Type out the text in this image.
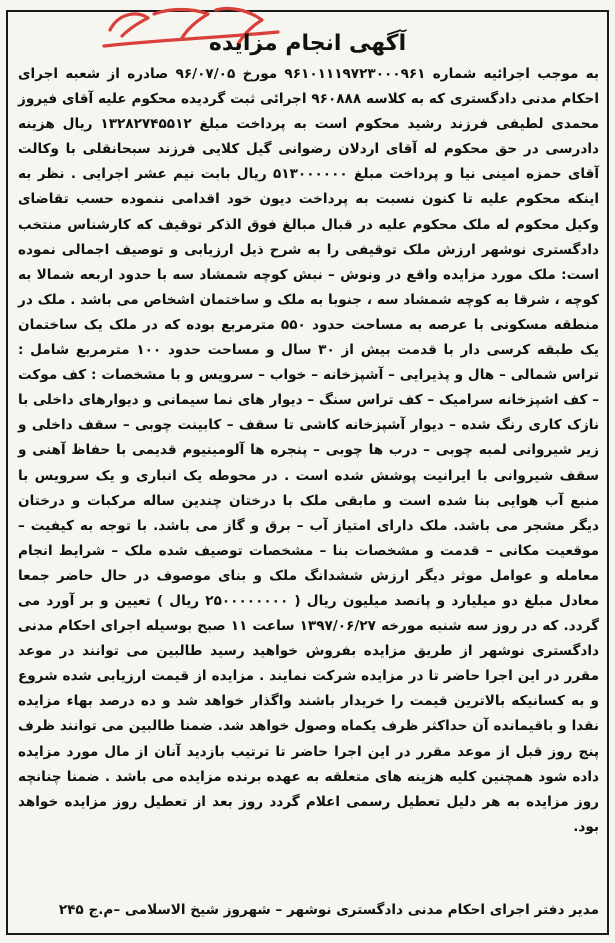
آگهی انجام مزایده

به موجب اجرائیه شماره ۹۶۱۰۱۱۱۹۷۲۳۰۰۰۹۶۱ مورخ ۹۶/۰۷/۰۵ صادره از شعبه اجرای احکام مدنی دادگستری که به کلاسه ۹۶۰۸۸۸ اجرائی ثبت گردیده محکوم علیه آقای فیروز محمدی لطیفی فرزند رشید محکوم است به پرداخت مبلغ ۱۳۲۸۲۷۴۵۵۱۲ ریال هزینه دادرسی در حق محکوم له آقای اردلان رضوانی گیل کلایی فرزند سبحانقلی با وکالت آقای حمزه امینی نیا و پرداخت مبلغ ۵۱۳۰۰۰۰۰۰ ریال بابت نیم عشر اجرایی . نظر به اینکه محکوم علیه تا کنون نسبت به پرداخت دیون خود اقدامی ننموده حسب تقاضای وکیل محکوم له ملک محکوم علیه در قبال مبالغ فوق الذکر توقیف که کارشناس منتخب دادگستری نوشهر ارزش ملک توقیفی را به شرح ذیل ارزیابی و توصیف اجمالی نموده است: ملک مورد مزایده واقع در ونوش – نبش کوچه شمشاد سه با حدود اربعه شمالا به کوچه ، شرقا به کوچه شمشاد سه ، جنوبا به ملک و ساختمان اشخاص می باشد . ملک در منطقه مسکونی با عرصه به مساحت حدود ۵۵۰ مترمربع بوده که در ملک یک ساختمان یک طبقه کرسی دار با قدمت بیش از ۳۰ سال و مساحت حدود ۱۰۰ مترمربع شامل : تراس شمالی – هال و پذیرایی – آشپزخانه – خواب – سرویس و با مشخصات : کف موکت – کف اشپزخانه سرامیک – کف تراس سنگ – دیوار های نما سیمانی و دیوارهای داخلی با نازک کاری رنگ شده – دیوار آشپزخانه کاشی تا سقف – کابینت چوبی – سقف داخلی و زیر شیروانی لمبه چوبی – درب ها چوبی – پنجره ها آلومینیوم قدیمی با حفاظ آهنی و سقف شیروانی با ایرانیت پوشش شده است . در محوطه یک انباری و یک سرویس با منبع آب هوایی بنا شده است و مابقی ملک با درختان چندین ساله مرکبات و درختان دیگر مشجر می باشد. ملک دارای امتیاز آب – برق و گاز می باشد. با توجه به کیفیت – موقعیت مکانی – قدمت و مشخصات بنا – مشخصات توصیف شده ملک – شرایط انجام معامله و عوامل موثر دیگر ارزش ششدانگ ملک و بنای موصوف در حال حاضر جمعا معادل مبلغ دو میلیارد و پانصد میلیون ریال ( ۲۵۰۰۰۰۰۰۰۰ ریال ) تعیین و بر آورد می گردد. که در روز سه شنبه مورخه ۱۳۹۷/۰۶/۲۷ ساعت ۱۱ صبح بوسیله اجرای احکام مدنی دادگستری نوشهر از طریق مزایده بفروش خواهید رسید طالبین می توانند در موعد مقرر در این اجرا حاضر تا در مزایده شرکت نمایند . مزایده از قیمت ارزیابی شده شروع و به کسانیکه بالاترین قیمت را خریدار باشند واگذار خواهد شد و ده درصد بهاء مزایده نقدا و باقیمانده آن حداکثر ظرف یکماه وصول خواهد شد. ضمنا طالبین می توانند ظرف پنج روز قبل از موعد مقرر در این اجرا حاضر تا ترتیب بازدید آنان از مال مورد مزایده داده شود همچنین کلیه هزینه های متعلقه به عهده برنده مزایده می باشد . ضمنا چنانچه روز مزایده به هر دلیل تعطیل رسمی اعلام گردد روز بعد از تعطیل روز مزایده خواهد بود.

مدیر دفتر اجرای احکام مدنی دادگستری نوشهر – شهروز شیخ الاسلامی –م.ج ۲۴۵
